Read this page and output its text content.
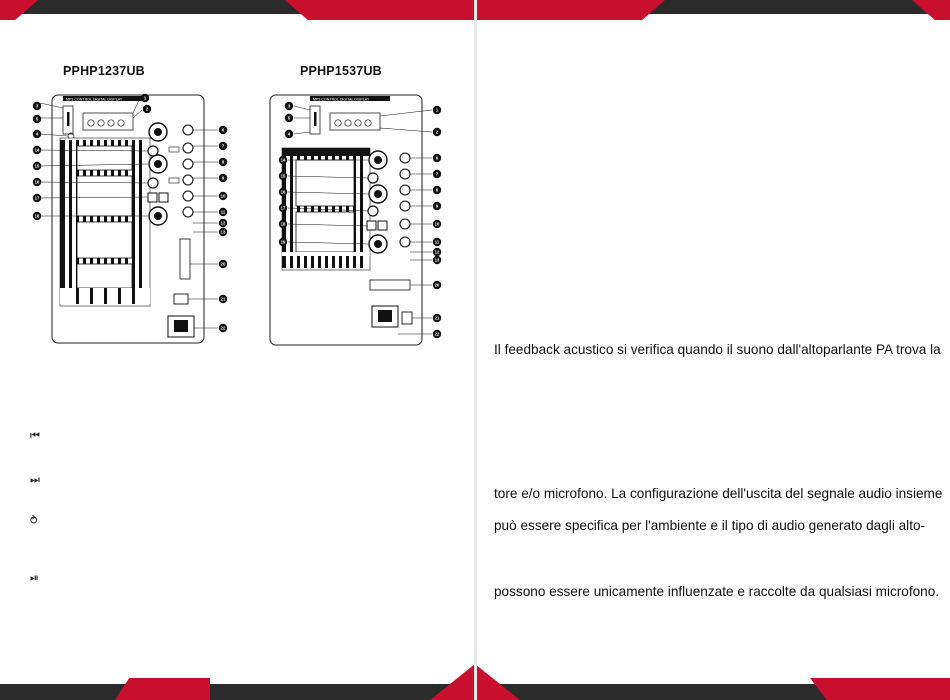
PPHP1237UB	PPHP1537UB
MP3 CONTROL DIGITAL DISPLAY	1
2
3
5
4
6
7
8
9
10
11
12
13
14
15
16
17
18
20
21
22
MP3 CONTROL DIGITAL DISPLAY
1
2
3
5
4
6
7
8
9
10
11
12
13
14
15
16
17
18
19
20
21
22
⏮
⏭
⥁
⏯
Il feedback acustico si verifica quando il suono dall'altoparlante PA trova la
tore e/o microfono. La configurazione dell'uscita del segnale audio insieme
può essere specifica per l'ambiente e il tipo di audio generato dagli alto-
possono essere unicamente influenzate e raccolte da qualsiasi microfono.
